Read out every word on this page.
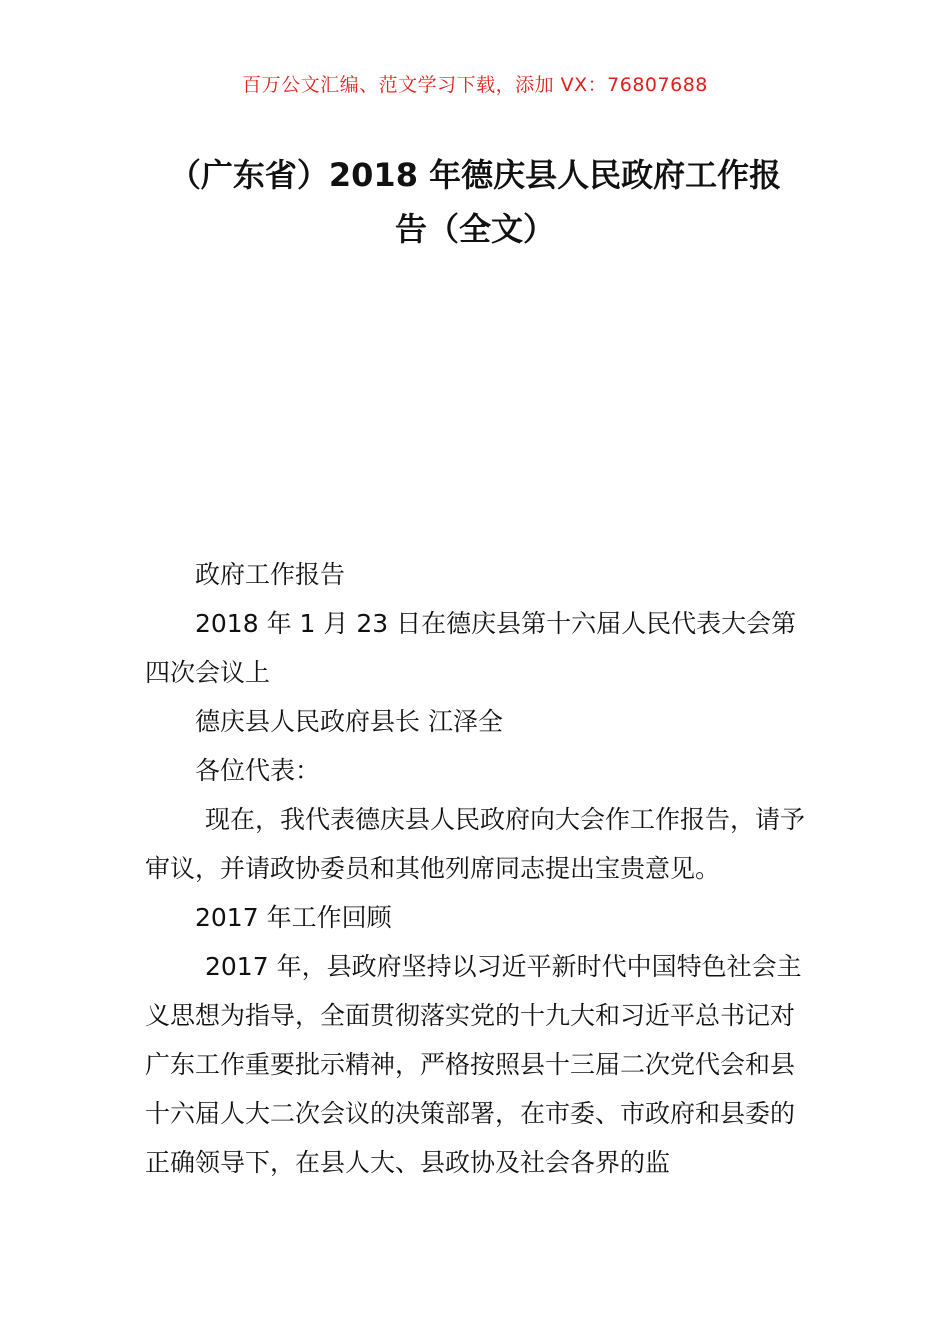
百万公文汇编、范文学习下载，添加 VX：76807688
（广东省）2018 年德庆县人民政府工作报
告（全文）

政府工作报告

2018 年 1 月 23 日在德庆县第十六届人民代表大会第四次会议上

德庆县人民政府县长 江泽全

各位代表：

现在，我代表德庆县人民政府向大会作工作报告，请予审议，并请政协委员和其他列席同志提出宝贵意见。

2017 年工作回顾

2017 年，县政府坚持以习近平新时代中国特色社会主义思想为指导，全面贯彻落实党的十九大和习近平总书记对广东工作重要批示精神，严格按照县十三届二次党代会和县十六届人大二次会议的决策部署，在市委、市政府和县委的正确领导下，在县人大、县政协及社会各界的监
